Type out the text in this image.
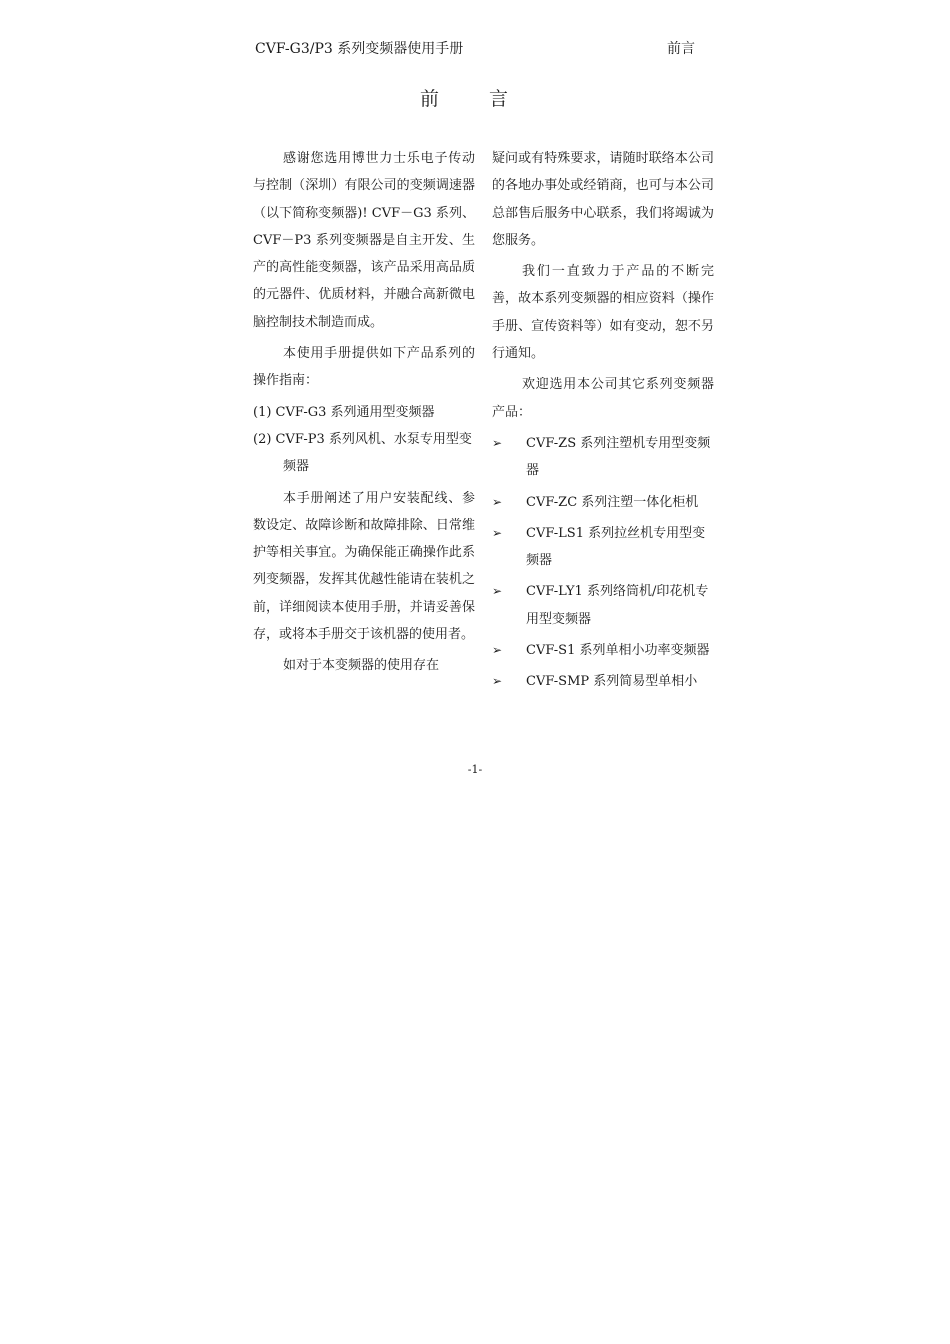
CVF-G3/P3 系列变频器使用手册	前言
前言

感谢您选用博世力士乐电子传动与控制（深圳）有限公司的变频调速器（以下简称变频器)! CVF－G3 系列、CVF－P3 系列变频器是自主开发、生产的高性能变频器，该产品采用高品质的元器件、优质材料，并融合高新微电脑控制技术制造而成。

本使用手册提供如下产品系列的操作指南：

(1) CVF-G3 系列通用型变频器

(2) CVF-P3 系列风机、水泵专用型变频器

本手册阐述了用户安装配线、参数设定、故障诊断和故障排除、日常维护等相关事宜。为确保能正确操作此系列变频器，发挥其优越性能请在装机之前，详细阅读本使用手册，并请妥善保存，或将本手册交于该机器的使用者。

如对于本变频器的使用存在

疑问或有特殊要求，请随时联络本公司的各地办事处或经销商，也可与本公司总部售后服务中心联系，我们将竭诚为您服务。

我们一直致力于产品的不断完善，故本系列变频器的相应资料（操作手册、宣传资料等）如有变动，恕不另行通知。

欢迎选用本公司其它系列变频器产品：

➢ CVF-ZS 系列注塑机专用型变频器
➢ CVF-ZC 系列注塑一体化柜机
➢ CVF-LS1 系列拉丝机专用型变频器
➢ CVF-LY1 系列络筒机/印花机专用型变频器
➢ CVF-S1 系列单相小功率变频器
➢ CVF-SMP 系列简易型单相小
-1-
